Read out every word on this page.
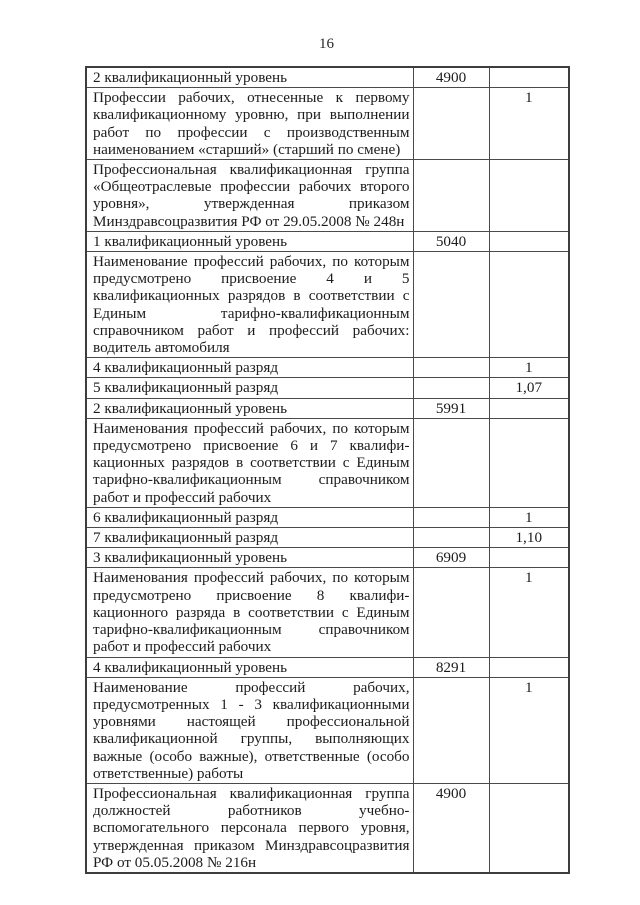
16
2 квалификационный уровень	4900	
Профессии рабочих, отнесенные к первому квалификационному уровню, при выполнении работ по профессии с производственным наименованием «старший» (старший по смене)		1
Профессиональная квалификационная группа «Общеотраслевые профессии рабочих второго уровня», утвержденная приказом Минздравсоцразвития РФ от 29.05.2008 № 248н		
1 квалификационный уровень	5040	
Наименование профессий рабочих, по которым предусмотрено присвоение 4 и 5 квалификационных разрядов в соответствии с Единым тарифно-квалификационным справочником работ и профессий рабочих: водитель автомобиля		
4 квалификационный разряд		1
5 квалификационный разряд		1,07
2 квалификационный уровень	5991	
Наименования профессий рабочих, по которым предусмотрено присвоение 6 и 7 квалифи-кационных разрядов в соответствии с Единым тарифно-квалификационным справочником работ и профессий рабочих		
6 квалификационный разряд		1
7 квалификационный разряд		1,10
3 квалификационный уровень	6909	
Наименования профессий рабочих, по которым предусмотрено присвоение 8 квалифи-кационного разряда в соответствии с Единым тарифно-квалификационным справочником работ и профессий рабочих		1
4 квалификационный уровень	8291	
Наименование профессий рабочих, предусмотренных 1 - 3 квалификационными уровнями настоящей профессиональной квалификационной группы, выполняющих важные (особо важные), ответственные (особо ответственные) работы		1
Профессиональная квалификационная группа должностей работников учебно-вспомогательного персонала первого уровня, утвержденная приказом Минздравсоцразвития РФ от 05.05.2008 № 216н	4900	
